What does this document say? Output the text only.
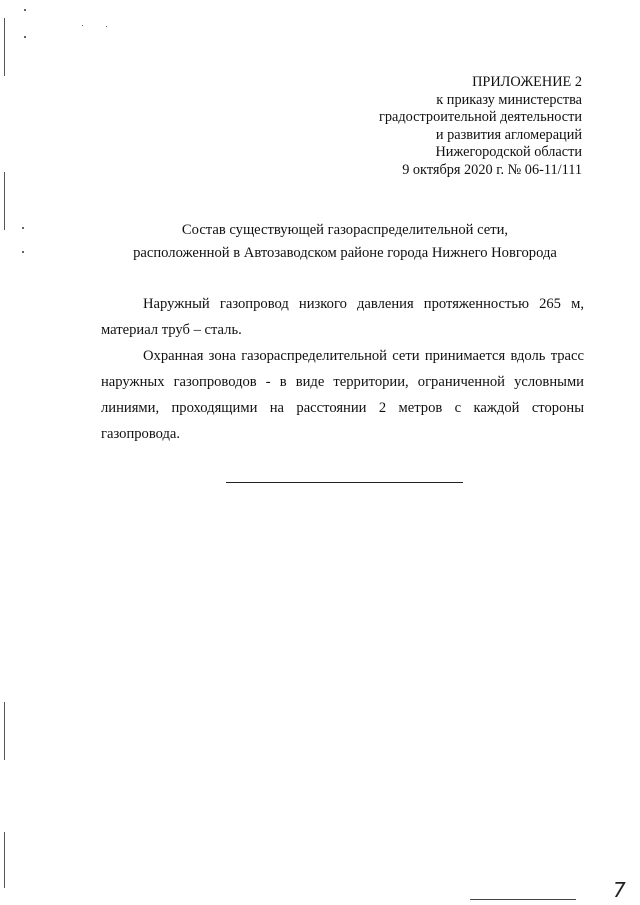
ПРИЛОЖЕНИЕ 2
к приказу министерства
градостроительной деятельности
и развития агломераций
Нижегородской области
9 октября 2020 г. № 06-11/111
Состав существующей газораспределительной сети,
расположенной в Автозаводском районе города Нижнего Новгорода
Наружный газопровод низкого давления протяженностью 265 м,
материал труб – сталь.
Охранная зона газораспределительной сети принимается вдоль трасс
наружных газопроводов - в виде территории, ограниченной условными
линиями, проходящими на расстоянии 2 метров с каждой стороны
газопровода.
7
